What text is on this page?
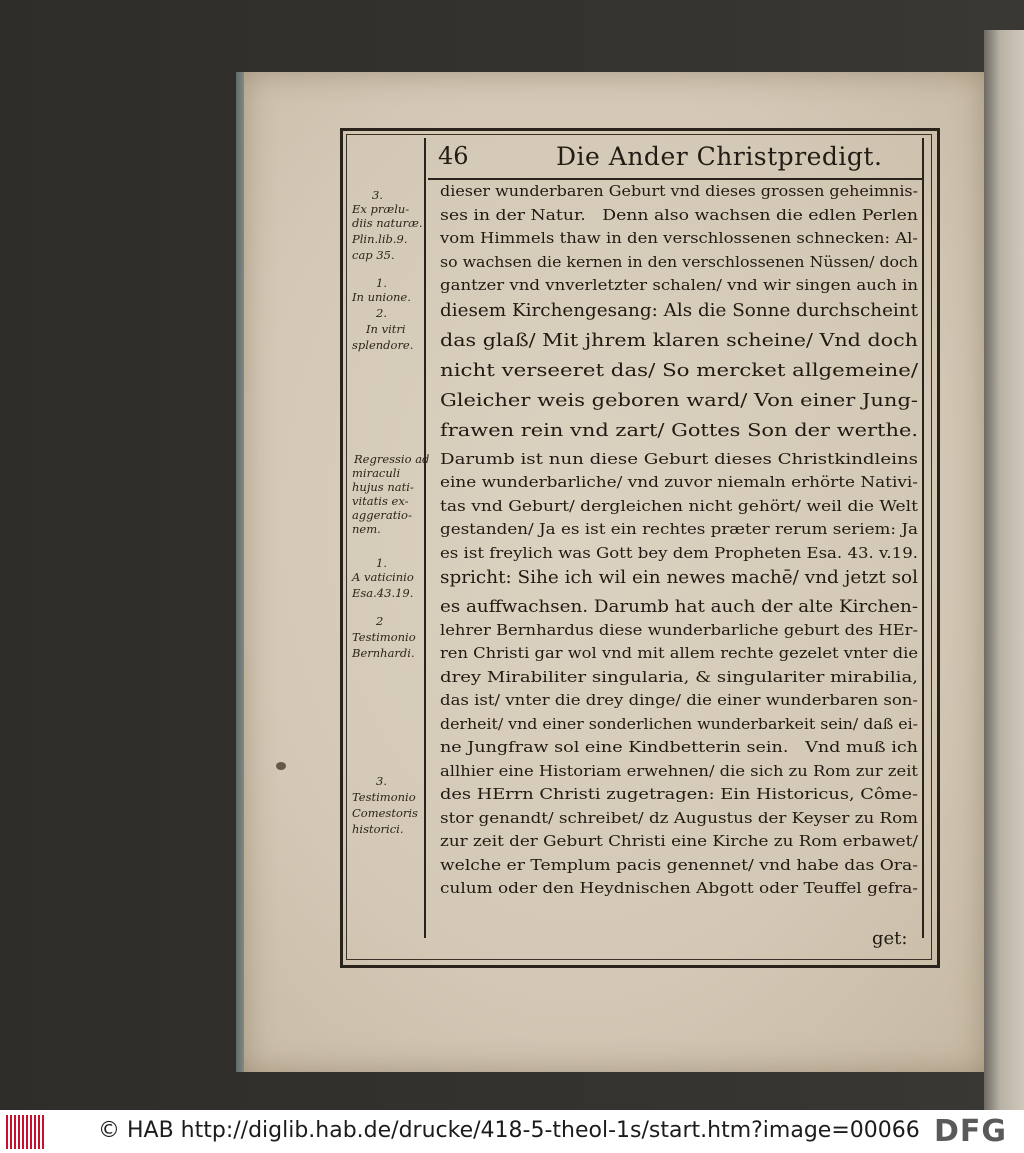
46	Die Ander Christpredigt.
3.
Ex prælu-
diis naturæ.
Plin.lib.9.
cap 35.
1.
In unione.
2.
In vitri
splendore.
Regressio ad
miraculi
hujus nati-
vitatis ex-
aggeratio-
nem.
1.
A vaticinio
Esa.43.19.
2
Testimonio
Bernhardi.
3.
Testimonio
Comestoris
historici.
dieser wunderbaren Geburt vnd dieses grossen geheimnis-
ses in der Natur.   Denn also wachsen die edlen Perlen
vom Himmels thaw in den verschlossenen schnecken: Al-
so wachsen die kernen in den verschlossenen Nüssen/ doch
gantzer vnd vnverletzter schalen/ vnd wir singen auch in
diesem Kirchengesang: Als die Sonne durchscheint
das glaß/ Mit jhrem klaren scheine/ Vnd doch
nicht verseeret das/ So mercket allgemeine/
Gleicher weis geboren ward/ Von einer Jung-
frawen rein vnd zart/ Gottes Son der werthe.
Darumb ist nun diese Geburt dieses Christkindleins
eine wunderbarliche/ vnd zuvor niemaln erhörte Nativi-
tas vnd Geburt/ dergleichen nicht gehört/ weil die Welt
gestanden/ Ja es ist ein rechtes præter rerum seriem: Ja
es ist freylich was Gott bey dem Propheten Esa. 43. v.19.
spricht: Sihe ich wil ein newes machē/ vnd jetzt sol
es auffwachsen. Darumb hat auch der alte Kirchen-
lehrer Bernhardus diese wunderbarliche geburt des HEr-
ren Christi gar wol vnd mit allem rechte gezelet vnter die
drey Mirabiliter singularia, & singulariter mirabilia,
das ist/ vnter die drey dinge/ die einer wunderbaren son-
derheit/ vnd einer sonderlichen wunderbarkeit sein/ daß ei-
ne Jungfraw sol eine Kindbetterin sein.   Vnd muß ich
allhier eine Historiam erwehnen/ die sich zu Rom zur zeit
des HErrn Christi zugetragen: Ein Historicus, Côme-
stor genandt/ schreibet/ dz Augustus der Keyser zu Rom
zur zeit der Geburt Christi eine Kirche zu Rom erbawet/
welche er Templum pacis genennet/ vnd habe das Ora-
culum oder den Heydnischen Abgott oder Teuffel gefra-
get:
© HAB http://diglib.hab.de/drucke/418-5-theol-1s/start.htm?image=00066 DFG
